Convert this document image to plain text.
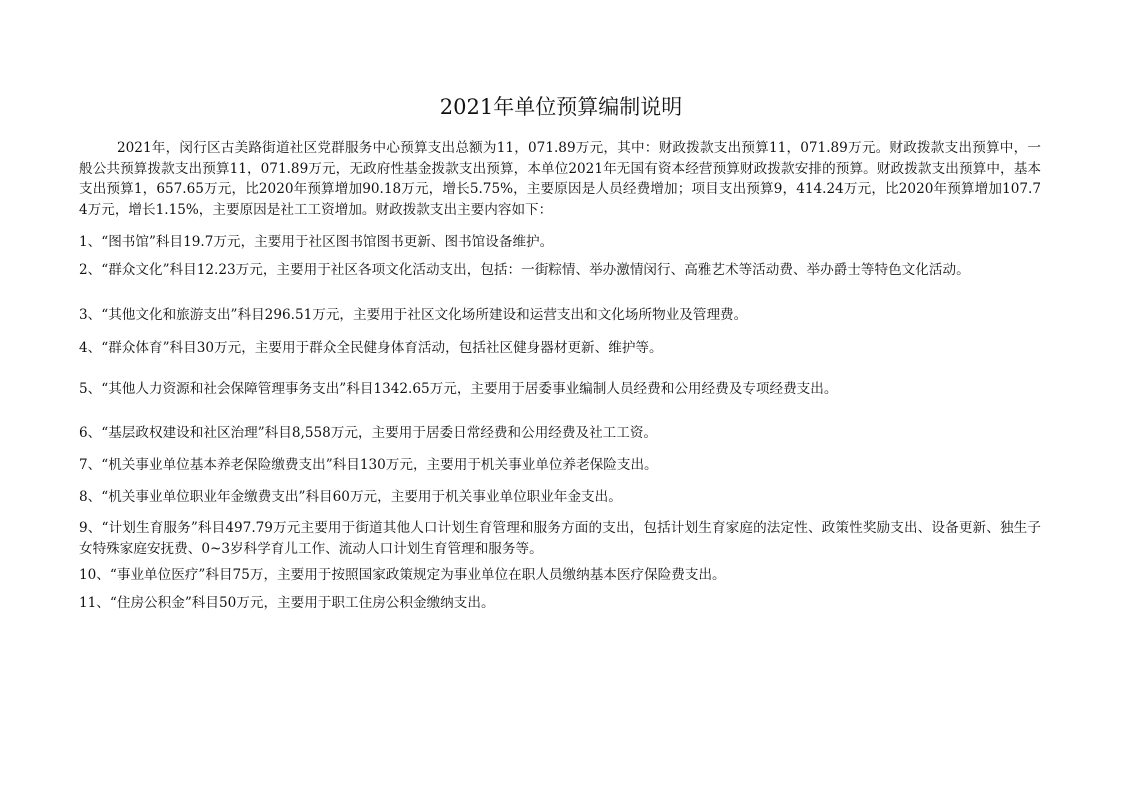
2021年单位预算编制说明

2021年，闵行区古美路街道社区党群服务中心预算支出总额为11，071.89万元，其中：财政拨款支出预算11，071.89万元。财政拨款支出预算中，一般公共预算拨款支出预算11，071.89万元，无政府性基金拨款支出预算，本单位2021年无国有资本经营预算财政拨款安排的预算。财政拨款支出预算中，基本支出预算1，657.65万元，比2020年预算增加90.18万元，增长5.75%，主要原因是人员经费增加；项目支出预算9，414.24万元，比2020年预算增加107.74万元，增长1.15%，主要原因是社工工资增加。财政拨款支出主要内容如下：

1、“图书馆”科目19.7万元，主要用于社区图书馆图书更新、图书馆设备维护。

2、“群众文化”科目12.23万元，主要用于社区各项文化活动支出，包括：一街粽情、举办激情闵行、高雅艺术等活动费、举办爵士等特色文化活动。

3、“其他文化和旅游支出”科目296.51万元，主要用于社区文化场所建设和运营支出和文化场所物业及管理费。

4、“群众体育”科目30万元，主要用于群众全民健身体育活动，包括社区健身器材更新、维护等。

5、“其他人力资源和社会保障管理事务支出”科目1342.65万元，主要用于居委事业编制人员经费和公用经费及专项经费支出。

6、“基层政权建设和社区治理”科目8,558万元，主要用于居委日常经费和公用经费及社工工资。

7、“机关事业单位基本养老保险缴费支出”科目130万元，主要用于机关事业单位养老保险支出。

8、“机关事业单位职业年金缴费支出”科目60万元，主要用于机关事业单位职业年金支出。

9、“计划生育服务”科目497.79万元主要用于街道其他人口计划生育管理和服务方面的支出，包括计划生育家庭的法定性、政策性奖励支出、设备更新、独生子女特殊家庭安抚费、0~3岁科学育儿工作、流动人口计划生育管理和服务等。

10、“事业单位医疗”科目75万，主要用于按照国家政策规定为事业单位在职人员缴纳基本医疗保险费支出。

11、“住房公积金”科目50万元，主要用于职工住房公积金缴纳支出。
